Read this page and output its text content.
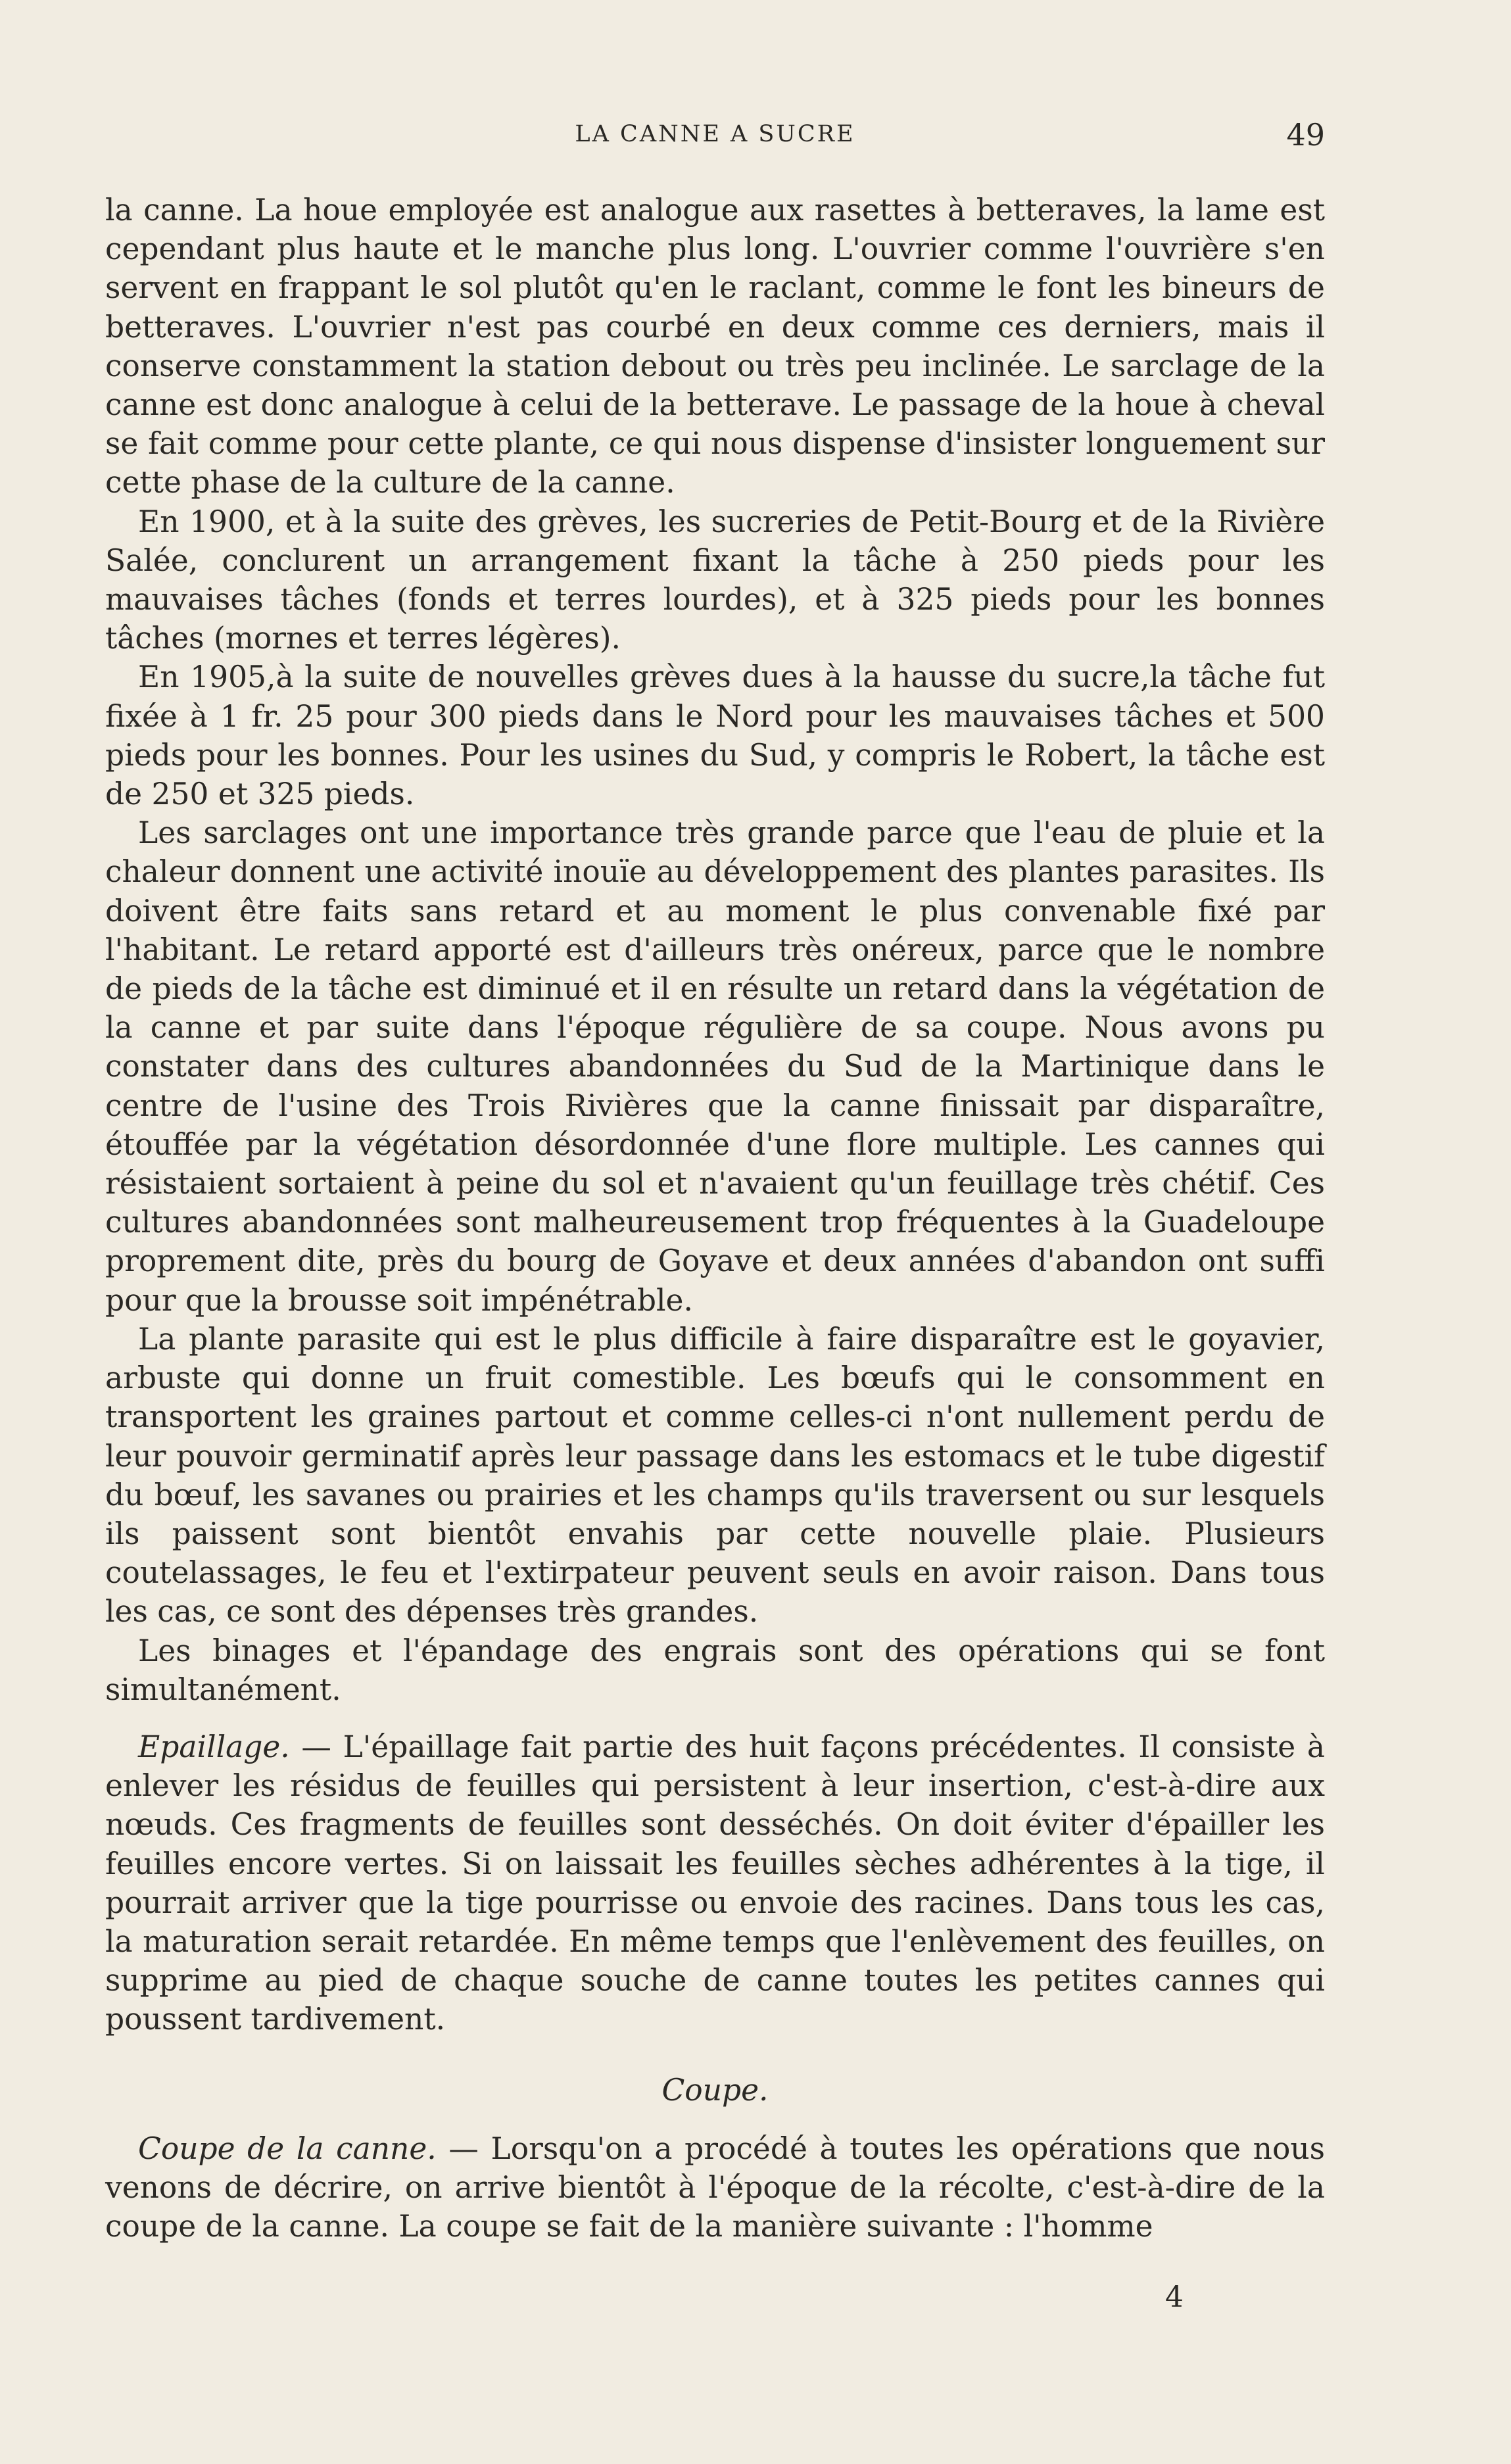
LA CANNE A SUCRE	49

la canne. La houe employée est analogue aux rasettes à betteraves, la lame est cependant plus haute et le manche plus long. L'ouvrier comme l'ouvrière s'en servent en frappant le sol plutôt qu'en le raclant, comme le font les bineurs de betteraves. L'ouvrier n'est pas courbé en deux comme ces derniers, mais il conserve constamment la station debout ou très peu inclinée. Le sarclage de la canne est donc analogue à celui de la betterave. Le passage de la houe à cheval se fait comme pour cette plante, ce qui nous dispense d'insister longuement sur cette phase de la culture de la canne.

En 1900, et à la suite des grèves, les sucreries de Petit-Bourg et de la Rivière Salée, conclurent un arrangement fixant la tâche à 250 pieds pour les mauvaises tâches (fonds et terres lourdes), et à 325 pieds pour les bonnes tâches (mornes et terres légères).

En 1905,à la suite de nouvelles grèves dues à la hausse du sucre,la tâche fut fixée à 1 fr. 25 pour 300 pieds dans le Nord pour les mauvaises tâches et 500 pieds pour les bonnes. Pour les usines du Sud, y compris le Robert, la tâche est de 250 et 325 pieds.

Les sarclages ont une importance très grande parce que l'eau de pluie et la chaleur donnent une activité inouïe au développement des plantes parasites. Ils doivent être faits sans retard et au moment le plus convenable fixé par l'habitant. Le retard apporté est d'ailleurs très onéreux, parce que le nombre de pieds de la tâche est diminué et il en résulte un retard dans la végétation de la canne et par suite dans l'époque régulière de sa coupe. Nous avons pu constater dans des cultures abandonnées du Sud de la Martinique dans le centre de l'usine des Trois Rivières que la canne finissait par disparaître, étouffée par la végétation désordonnée d'une flore multiple. Les cannes qui résistaient sortaient à peine du sol et n'avaient qu'un feuillage très chétif. Ces cultures abandonnées sont malheureusement trop fréquentes à la Guadeloupe proprement dite, près du bourg de Goyave et deux années d'abandon ont suffi pour que la brousse soit impénétrable.

La plante parasite qui est le plus difficile à faire disparaître est le goyavier, arbuste qui donne un fruit comestible. Les bœufs qui le consomment en transportent les graines partout et comme celles-ci n'ont nullement perdu de leur pouvoir germinatif après leur passage dans les estomacs et le tube digestif du bœuf, les savanes ou prairies et les champs qu'ils traversent ou sur lesquels ils paissent sont bientôt envahis par cette nouvelle plaie. Plusieurs coutelassages, le feu et l'extirpateur peuvent seuls en avoir raison. Dans tous les cas, ce sont des dépenses très grandes.

Les binages et l'épandage des engrais sont des opérations qui se font simultanément.

Epaillage. — L'épaillage fait partie des huit façons précédentes. Il consiste à enlever les résidus de feuilles qui persistent à leur insertion, c'est-à-dire aux nœuds. Ces fragments de feuilles sont desséchés. On doit éviter d'épailler les feuilles encore vertes. Si on laissait les feuilles sèches adhérentes à la tige, il pourrait arriver que la tige pourrisse ou envoie des racines. Dans tous les cas, la maturation serait retardée. En même temps que l'enlèvement des feuilles, on supprime au pied de chaque souche de canne toutes les petites cannes qui poussent tardivement.

Coupe.

Coupe de la canne. — Lorsqu'on a procédé à toutes les opérations que nous venons de décrire, on arrive bientôt à l'époque de la récolte, c'est-à-dire de la coupe de la canne. La coupe se fait de la manière suivante : l'homme

4
